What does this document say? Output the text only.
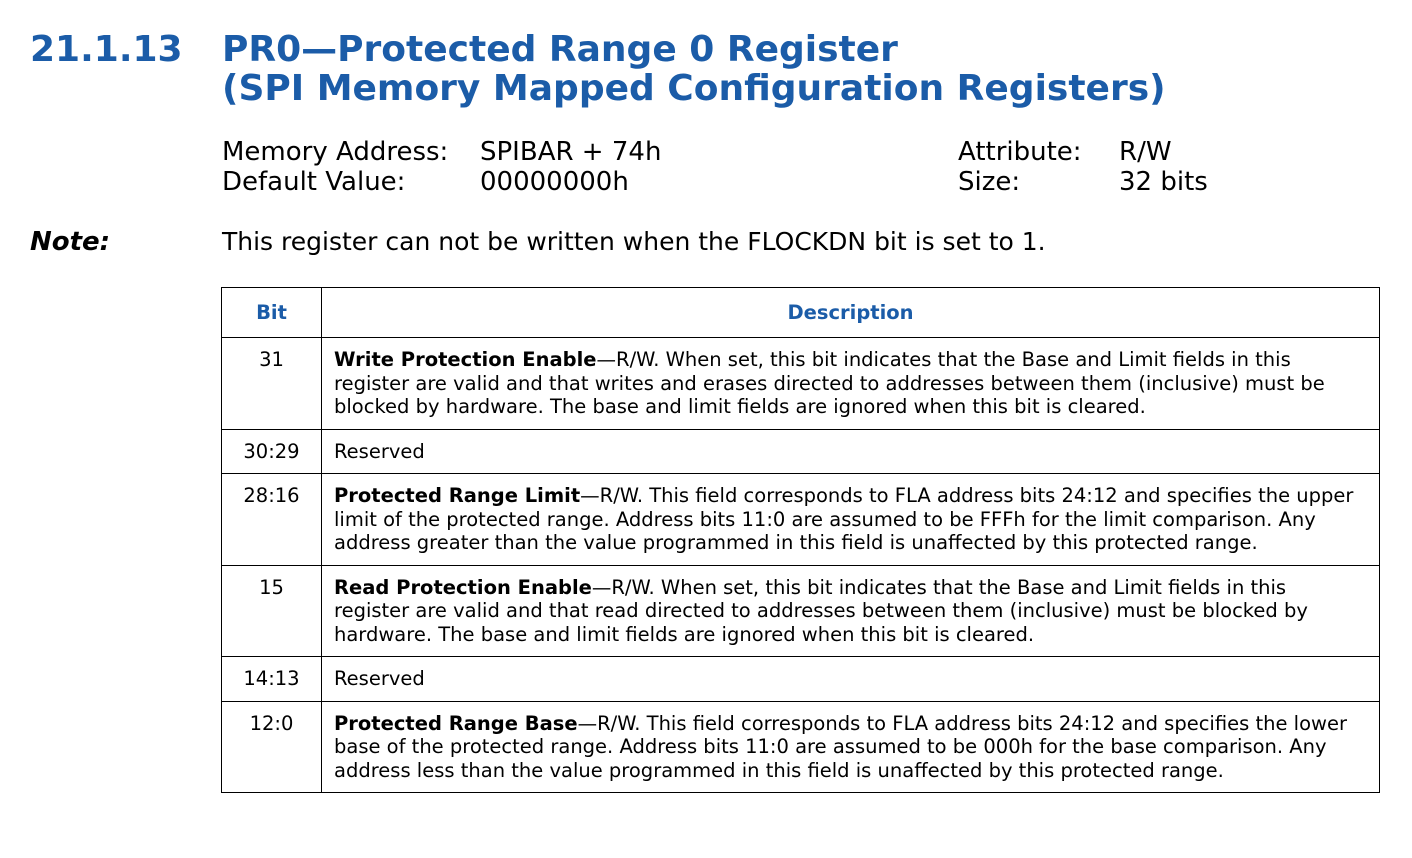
21.1.13 PR0—Protected Range 0 Register
(SPI Memory Mapped Configuration Registers)
Memory Address: SPIBAR + 74h	Attribute: R/W
Default Value:	00000000h	Size:	32 bits
Note:	This register can not be written when the FLOCKDN bit is set to 1.
Bit	Description
31	Write Protection Enable—R/W. When set, this bit indicates that the Base and Limit fields in this register are valid and that writes and erases directed to addresses between them (inclusive) must be blocked by hardware. The base and limit fields are ignored when this bit is cleared.
30:29	Reserved
28:16	Protected Range Limit—R/W. This field corresponds to FLA address bits 24:12 and specifies the upper limit of the protected range. Address bits 11:0 are assumed to be FFFh for the limit comparison. Any address greater than the value programmed in this field is unaffected by this protected range.
15	Read Protection Enable—R/W. When set, this bit indicates that the Base and Limit fields in this register are valid and that read directed to addresses between them (inclusive) must be blocked by hardware. The base and limit fields are ignored when this bit is cleared.
14:13	Reserved
12:0	Protected Range Base—R/W. This field corresponds to FLA address bits 24:12 and specifies the lower base of the protected range. Address bits 11:0 are assumed to be 000h for the base comparison. Any address less than the value programmed in this field is unaffected by this protected range.
